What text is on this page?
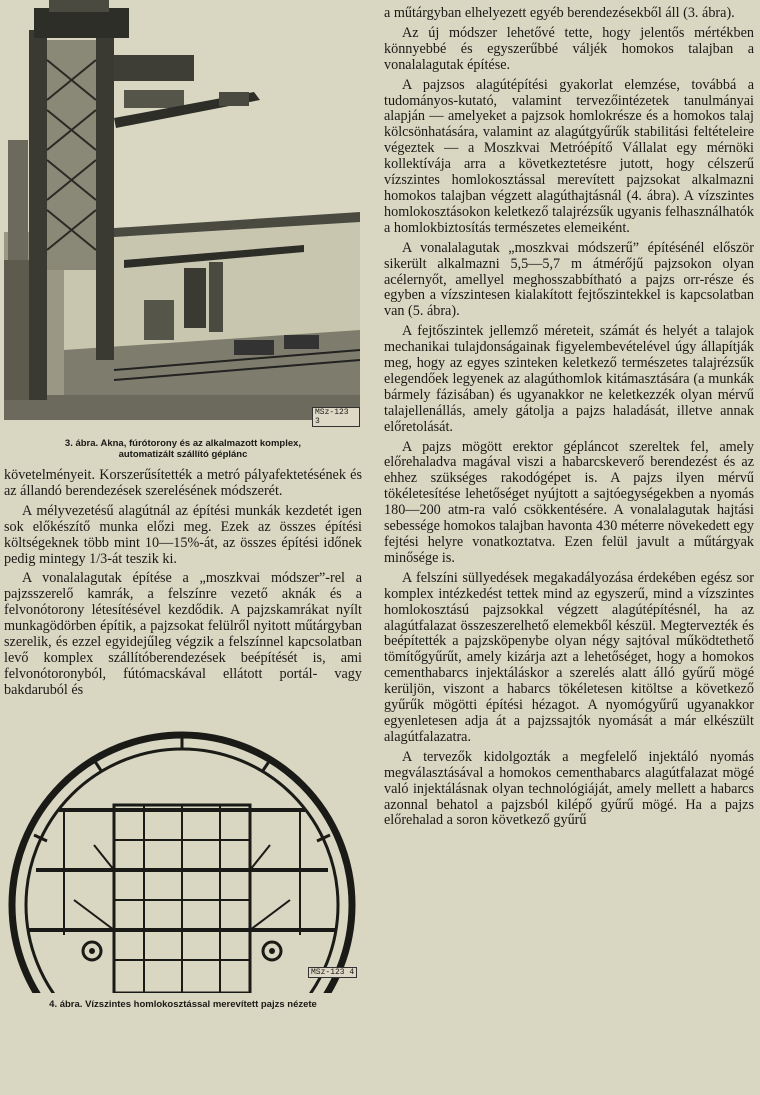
MSz-123 3

3. ábra. Akna, fúrótorony és az alkalmazott komplex,

automatizált szállító géplánc

követelményeit. Korszerűsítették a metró pályafektetésének és az állandó berendezések szerelésének módszerét.

A mélyvezetésű alagútnál az építési munkák kezdetét igen sok előkészítő munka előzi meg. Ezek az összes építési költségeknek több mint 10—15%-át, az összes építési időnek pedig mintegy 1/3-át teszik ki.

A vonalalagutak építése a „moszkvai módszer”-rel a pajzsszerelő kamrák, a felszínre vezető aknák és a felvonótorony létesítésével kezdődik. A pajzskamrákat nyílt munkagödörben építik, a pajzsokat felülről nyitott műtárgyban szerelik, és ezzel egyidejűleg végzik a felszínnel kapcsolatban levő komplex szállítóberendezések beépítését is, ami felvonótoronyból, fútómacskával ellátott portál- vagy bakdaruból és

MSz-123 4

4. ábra. Vízszintes homlokosztással merevített pajzs nézete

a műtárgyban elhelyezett egyéb berendezésekből áll (3. ábra).

Az új módszer lehetővé tette, hogy jelentős mértékben könnyebbé és egyszerűbbé váljék homokos talajban a vonalalagutak építése.

A pajzsos alagútépítési gyakorlat elemzése, továbbá a tudományos-kutató, valamint tervezőintézetek tanulmányai alapján — amelyeket a pajzsok homlokrésze és a homokos talaj kölcsönhatására, valamint az alagútgyűrűk stabilitási feltételeire végeztek — a Moszkvai Metróépítő Vállalat egy mérnöki kollektívája arra a következtetésre jutott, hogy célszerű vízszintes homlokosztással merevített pajzsokat alkalmazni homokos talajban végzett alagúthajtásnál (4. ábra). A vízszintes homlokosztásokon keletkező talajrézsűk ugyanis felhasználhatók a homlokbiztosítás természetes elemeiként.

A vonalalagutak „moszkvai módszerű” építésénél először sikerült alkalmazni 5,5—5,7 m átmérőjű pajzsokon olyan acélernyőt, amellyel meghosszabbítható a pajzs orr-része és egyben a vízszintesen kialakított fejtőszintekkel is kapcsolatban van (5. ábra).

A fejtőszintek jellemző méreteit, számát és helyét a talajok mechanikai tulajdonságainak figyelembevételével úgy állapítják meg, hogy az egyes szinteken keletkező természetes talajrézsűk elegendőek legyenek az alagúthomlok kitámasztására (a munkák bármely fázisában) és ugyanakkor ne keletkezzék olyan mérvű talajellenállás, amely gátolja a pajzs haladását, illetve annak előretolását.

A pajzs mögött erektor gépláncot szereltek fel, amely előrehaladva magával viszi a habarcskeverő berendezést és az ehhez szükséges rakodógépet is. A pajzs ilyen mérvű tökéletesítése lehetőséget nyújtott a sajtóegységekben a nyomás 180—200 atm-ra való csökkentésére. A vonalalagutak hajtási sebessége homokos talajban havonta 430 méterre növekedett egy fejtési helyre vonatkoztatva. Ezen felül javult a műtárgyak minősége is.

A felszíni süllyedések megakadályozása érdekében egész sor komplex intézkedést tettek mind az egyszerű, mind a vízszintes homlokosztású pajzsokkal végzett alagútépítésnél, ha az alagútfalazat összeszerelhető elemekből készül. Megtervezték és beépítették a pajzsköpenybe olyan négy sajtóval működtethető tömítőgyűrűt, amely kizárja azt a lehetőséget, hogy a homokos cementhabarcs injektáláskor a szerelés alatt álló gyűrű mögé kerüljön, viszont a habarcs tökéletesen kitöltse a következő gyűrűk mögötti építési hézagot. A nyomógyűrű ugyanakkor egyenletesen adja át a pajzssajtók nyomását a már elkészült alagútfalazatra.

A tervezők kidolgozták a megfelelő injektáló nyomás megválasztásával a homokos cementhabarcs alagútfalazat mögé való injektálásnak olyan technológiáját, amely mellett a habarcs azonnal behatol a pajzsból kilépő gyűrű mögé. Ha a pajzs előrehalad a soron következő gyűrű
